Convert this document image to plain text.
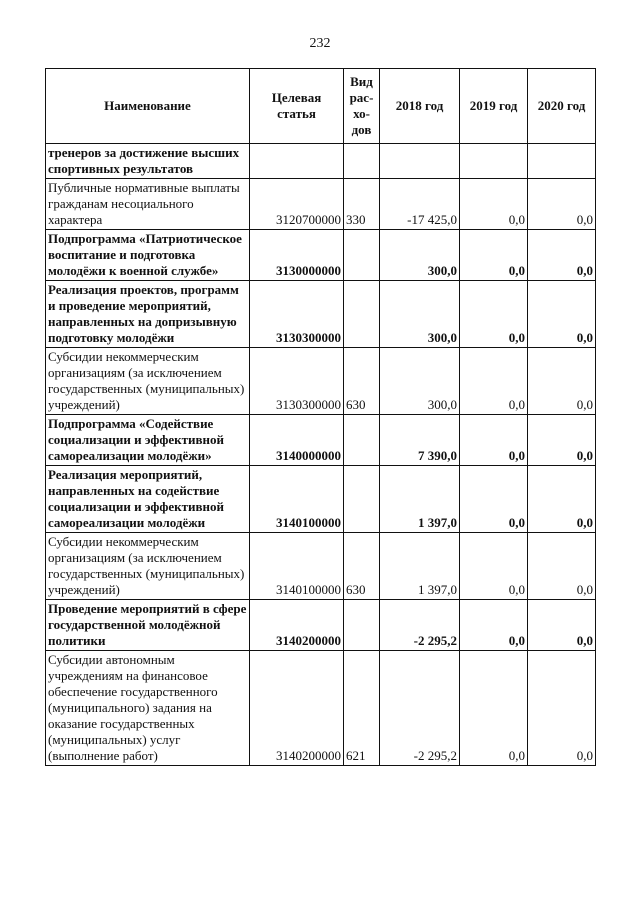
232
Наименование	Целевая статья	Вид рас-хо-дов	2018 год	2019 год	2020 год
тренеров за достижение высших спортивных результатов					
Публичные нормативные выплаты гражданам несоциального характера	3120700000	330	-17 425,0	0,0	0,0
Подпрограмма «Патриотическое воспитание и подготовка молодёжи к военной службе»	3130000000		300,0	0,0	0,0
Реализация проектов, программ и проведение мероприятий, направленных на допризывную подготовку молодёжи	3130300000		300,0	0,0	0,0
Субсидии некоммерческим организациям (за исключением государственных (муниципальных) учреждений)	3130300000	630	300,0	0,0	0,0
Подпрограмма «Содействие социализации и эффективной самореализации молодёжи»	3140000000		7 390,0	0,0	0,0
Реализация мероприятий, направленных на содействие социализации и эффективной самореализации молодёжи	3140100000		1 397,0	0,0	0,0
Субсидии некоммерческим организациям (за исключением государственных (муниципальных) учреждений)	3140100000	630	1 397,0	0,0	0,0
Проведение мероприятий в сфере государственной молодёжной политики	3140200000		-2 295,2	0,0	0,0
Субсидии автономным учреждениям на финансовое обеспечение государственного (муниципального) задания на оказание государственных (муниципальных) услуг (выполнение работ)	3140200000	621	-2 295,2	0,0	0,0
